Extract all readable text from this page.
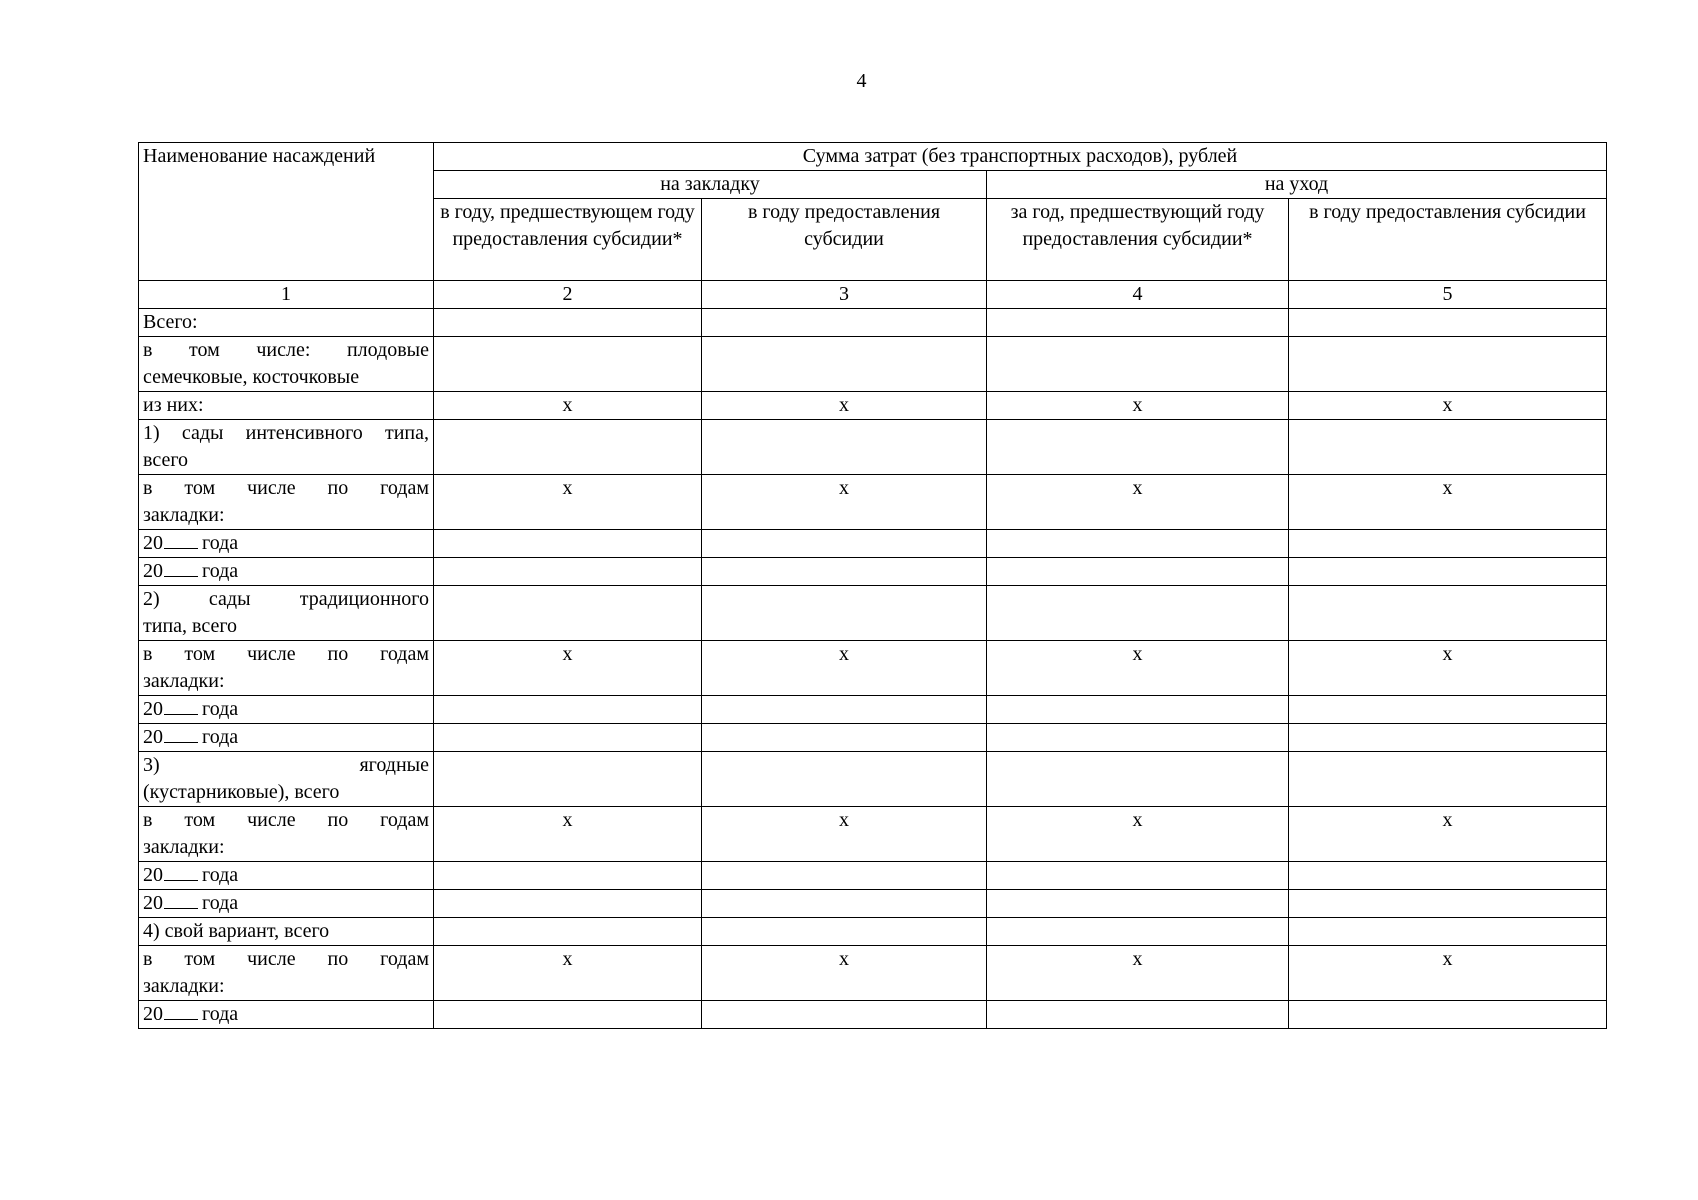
4
Наименование насаждений	Сумма затрат (без транспортных расходов), рублей			
	на закладку		на уход	
	в году, предшествующем году предоставления субсидии*	в году предоставления субсидии	за год, предшествующий году предоставления субсидии*	в году предоставления субсидии
1	2	3	4	5
Всего:				

в том числе: плодовые
семечковые, косточковые				
из них:	x	x	x	x

1) сады интенсивного типа,
всего				

в том числе по годам
закладки:	x	x	x	x
20 года				
20 года				

2) сады традиционного
типа, всего				

в том числе по годам
закладки:	x	x	x	x
20 года				
20 года				

3) ягодные
(кустарниковые), всего				

в том числе по годам
закладки:	x	x	x	x
20 года				
20 года				
4) свой вариант, всего				

в том числе по годам
закладки:	x	x	x	x
20 года				
